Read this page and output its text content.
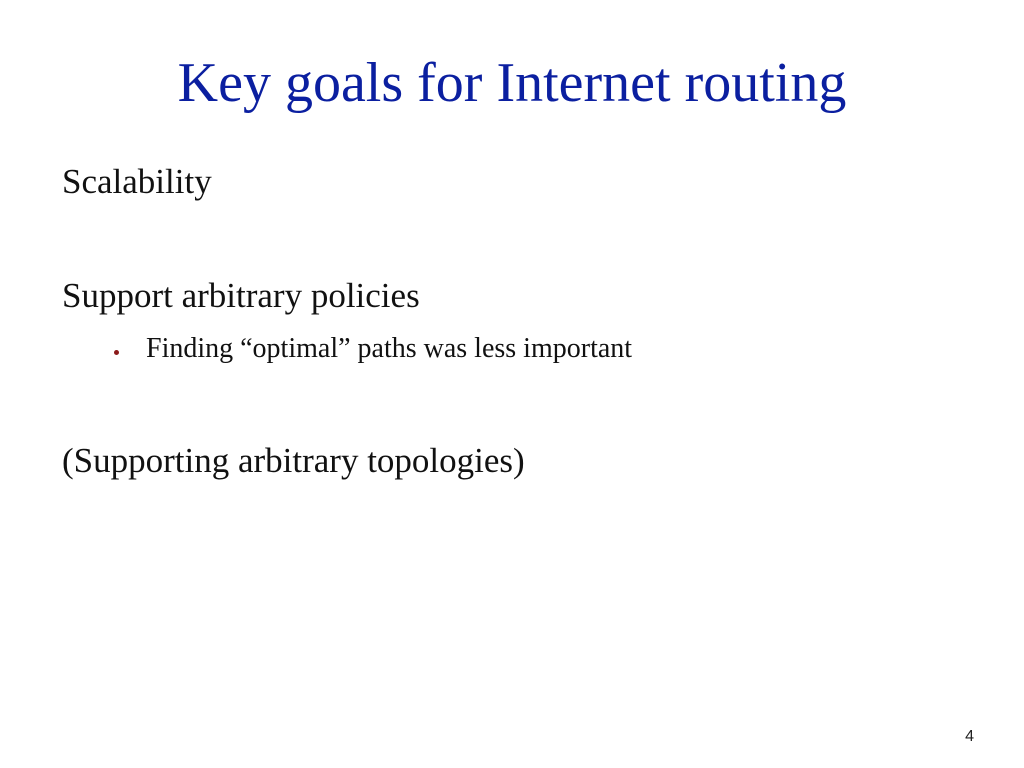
Key goals for Internet routing
Scalability
Support arbitrary policies
Finding “optimal” paths was less important
(Supporting arbitrary topologies)
4
